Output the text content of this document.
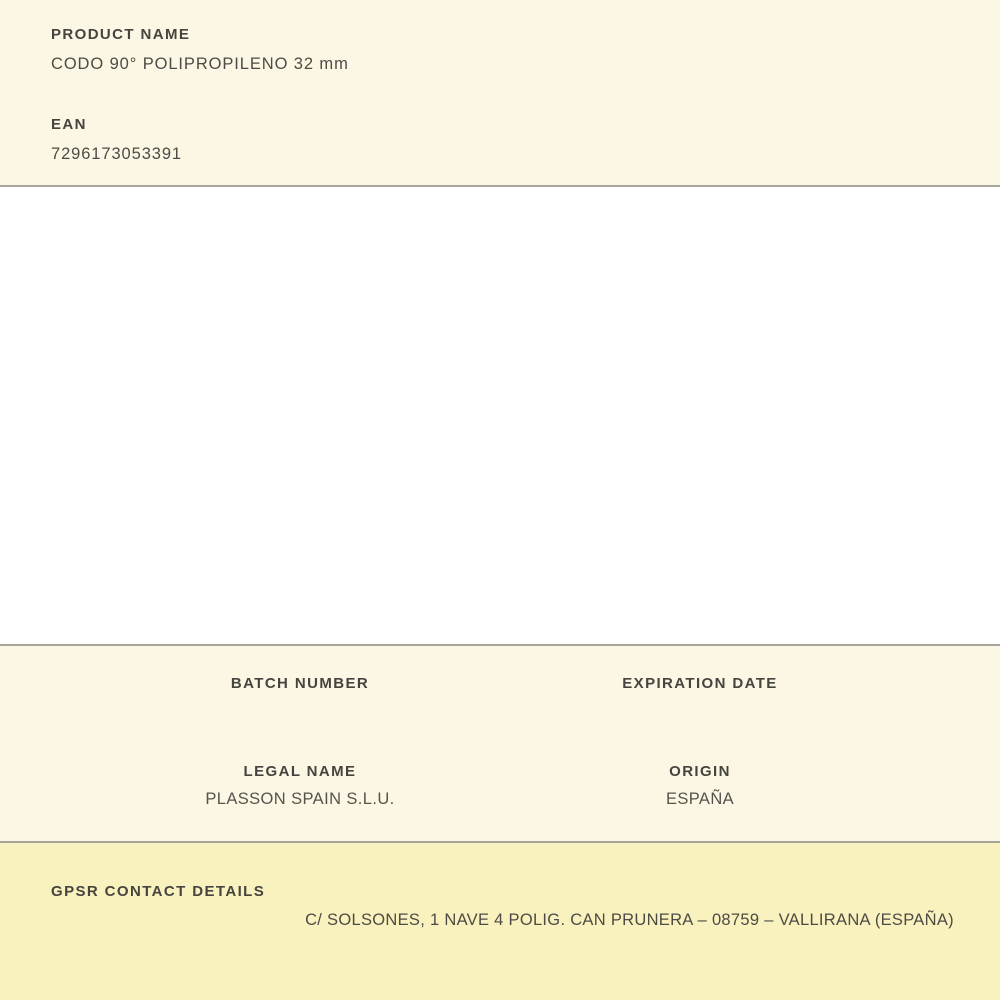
PRODUCT NAME
CODO 90° POLIPROPILENO 32 mm
EAN
7296173053391
BATCH NUMBER	EXPIRATION DATE
LEGAL NAME
PLASSON SPAIN S.L.U.
ORIGIN
ESPAÑA
GPSR CONTACT DETAILS
C/ SOLSONES, 1 NAVE 4 POLIG. CAN PRUNERA – 08759 – VALLIRANA (ESPAÑA)
